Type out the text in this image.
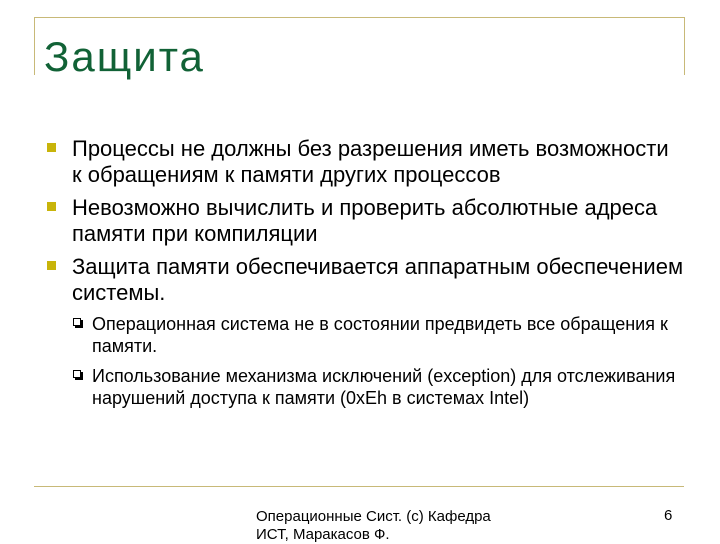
Защита
Процессы не должны без разрешения иметь возможности к обращениям к памяти других процессов
Невозможно вычислить и проверить абсолютные адреса памяти при компиляции
Защита памяти обеспечивается аппаратным обеспечением системы.
Операционная система не в состоянии предвидеть все обращения к памяти.
Использование механизма исключений (exception) для отслеживания нарушений доступа к памяти (0xEh в системах Intel)
Операционные Сист. (c) Кафедра ИСТ, Маракасов Ф.
6
